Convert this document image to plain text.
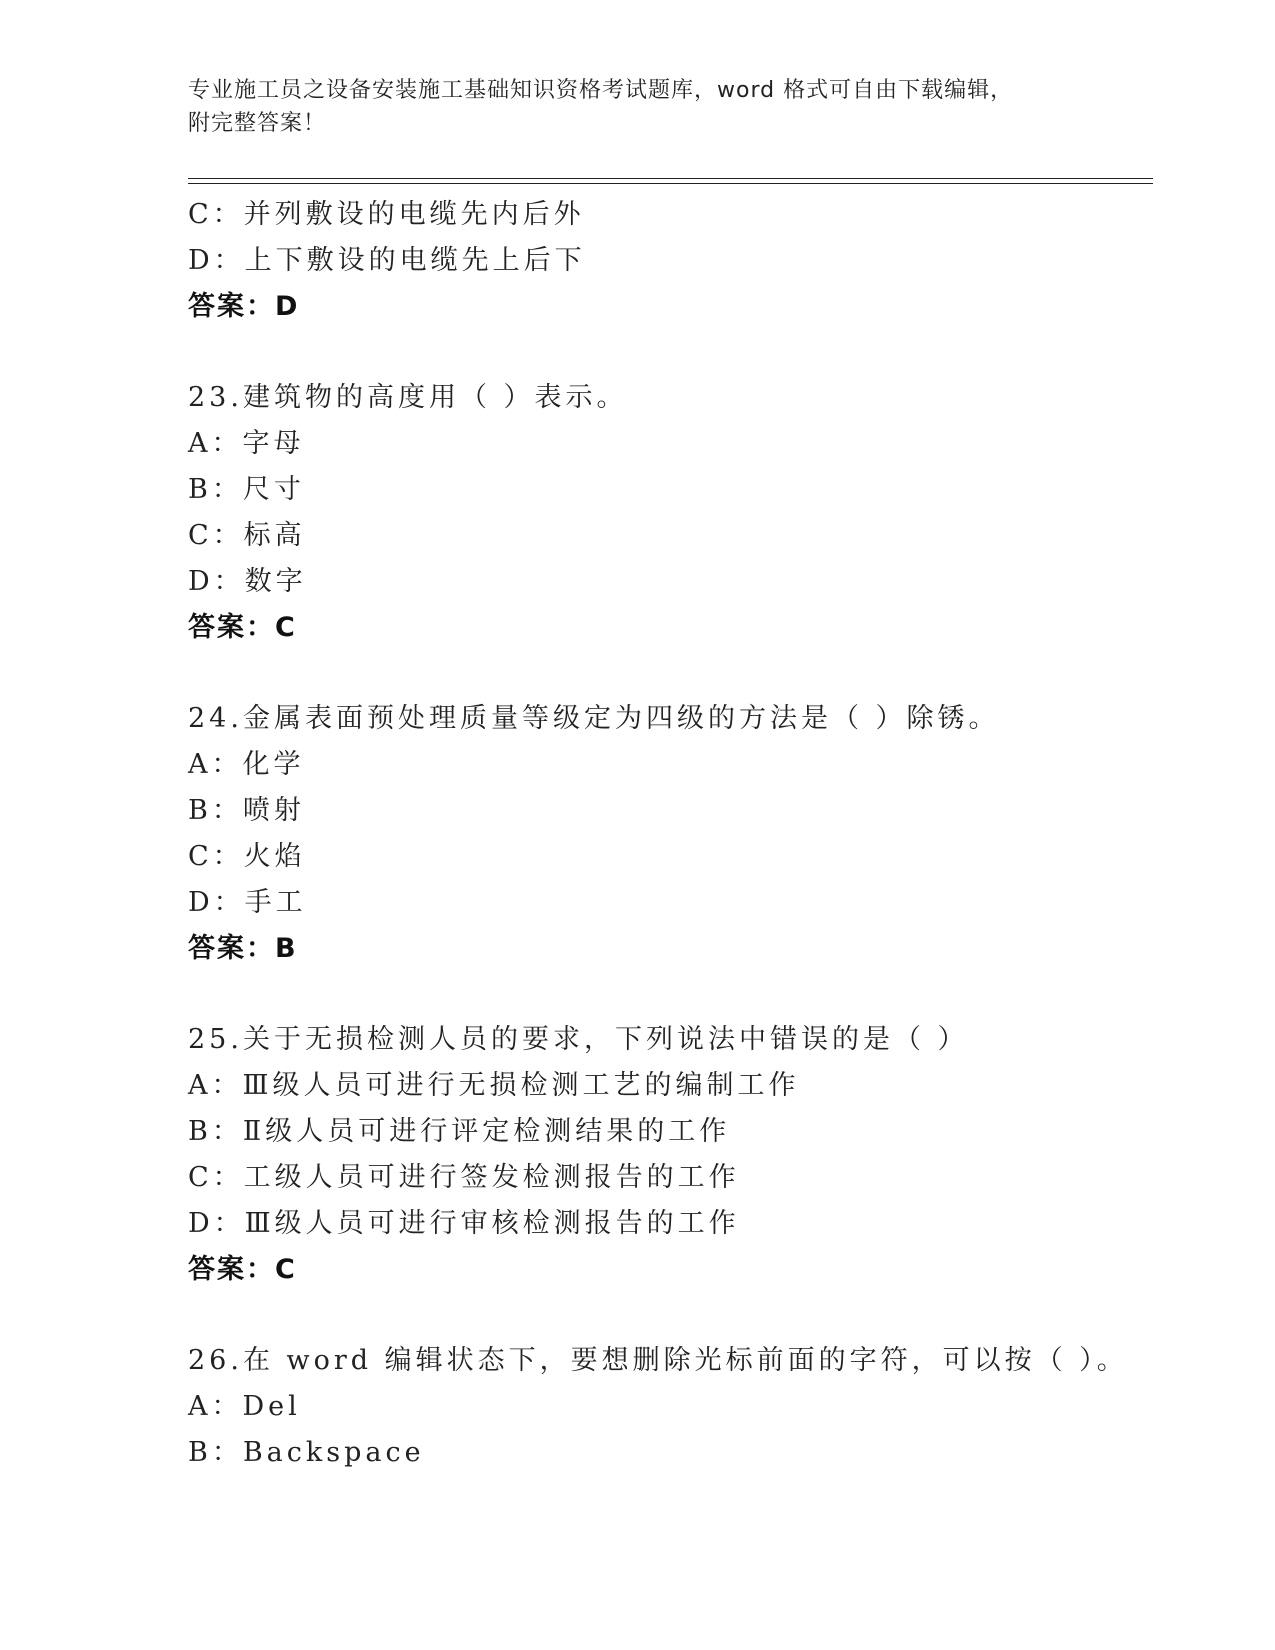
专业施工员之设备安装施工基础知识资格考试题库，word 格式可自由下载编辑，
附完整答案！
C：并列敷设的电缆先内后外
D：上下敷设的电缆先上后下
答案：D
23.建筑物的高度用（ ）表示。
A：字母
B：尺寸
C：标高
D：数字
答案：C
24.金属表面预处理质量等级定为四级的方法是（ ）除锈。
A：化学
B：喷射
C：火焰
D：手工
答案：B
25.关于无损检测人员的要求，下列说法中错误的是（ ）
A：Ⅲ级人员可进行无损检测工艺的编制工作
B：Ⅱ级人员可进行评定检测结果的工作
C：工级人员可进行签发检测报告的工作
D：Ⅲ级人员可进行审核检测报告的工作
答案：C
26.在 word 编辑状态下，要想删除光标前面的字符，可以按（ ）。
A：Del
B：Backspace
